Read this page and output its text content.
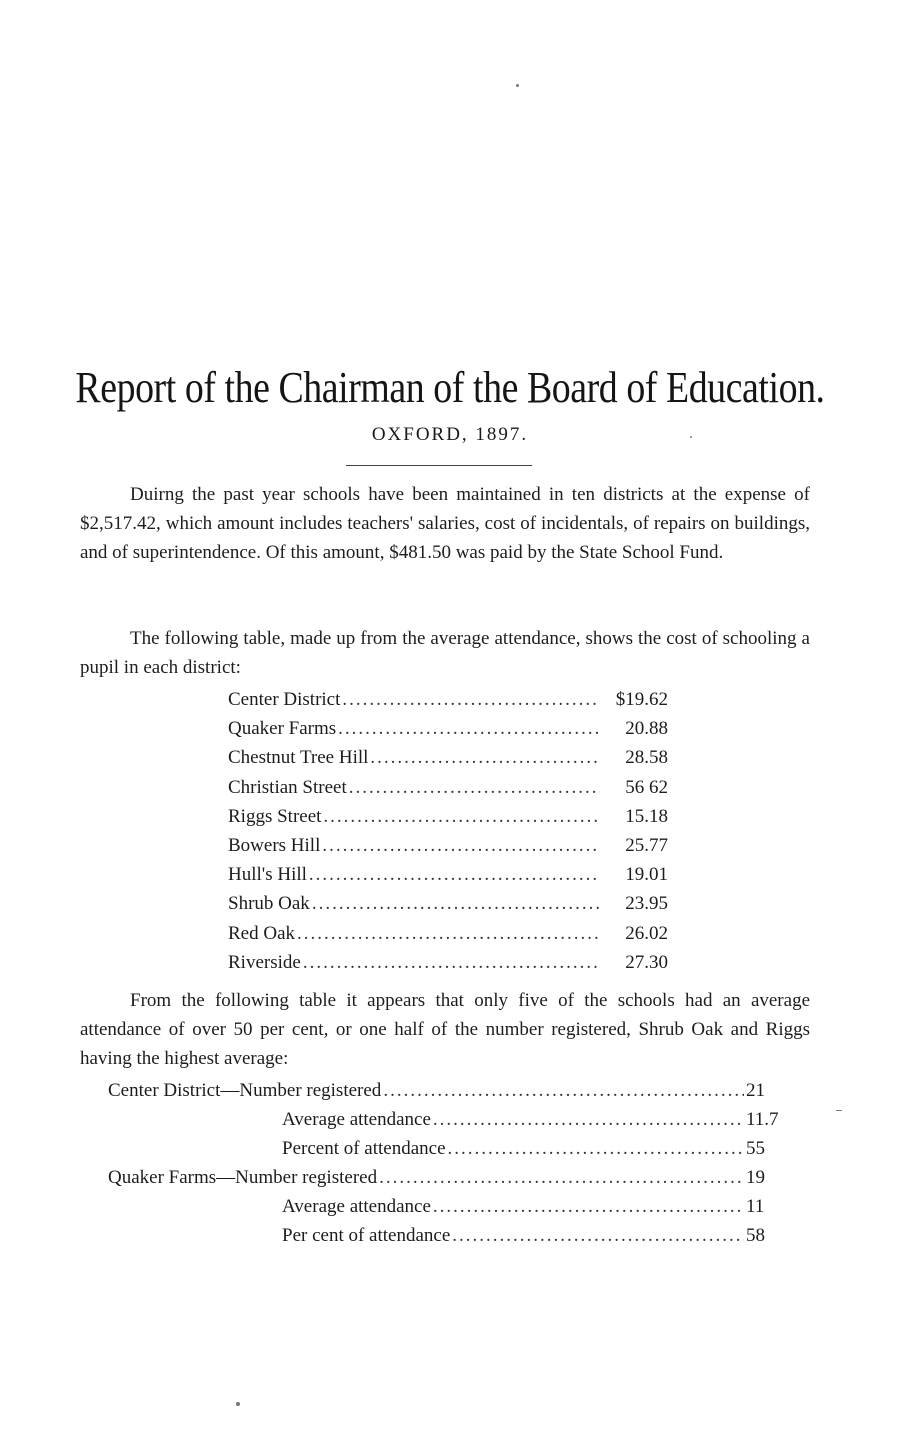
Report of the Chairman of the Board of Education.
OXFORD, 1897.
Duirng the past year schools have been maintained in ten districts at the expense of $2,517.42, which amount includes teachers' salaries, cost of incidentals, of repairs on buildings, and of superintendence. Of this amount, $481.50 was paid by the State School Fund.
The following table, made up from the average attendance, shows the cost of schooling a pupil in each district:
Center District .....	$19.62
Quaker Farms .....	20.88
Chestnut Tree Hill .....	28.58
Christian Street .....	56 62
Riggs Street .....	15.18
Bowers Hill .....	25.77
Hull's Hill .....	19.01
Shrub Oak .....	23.95
Red Oak .....	26.02
Riverside .....	27.30
From the following table it appears that only five of the schools had an average attendance of over 50 per cent, or one half of the number registered, Shrub Oak and Riggs having the highest average:
Center District—Number registered .....	21
Average attendance .....	11.7
Percent of attendance .....	55
Quaker Farms—Number registered .....	19
Average attendance .....	11
Per cent of attendance .....	58
